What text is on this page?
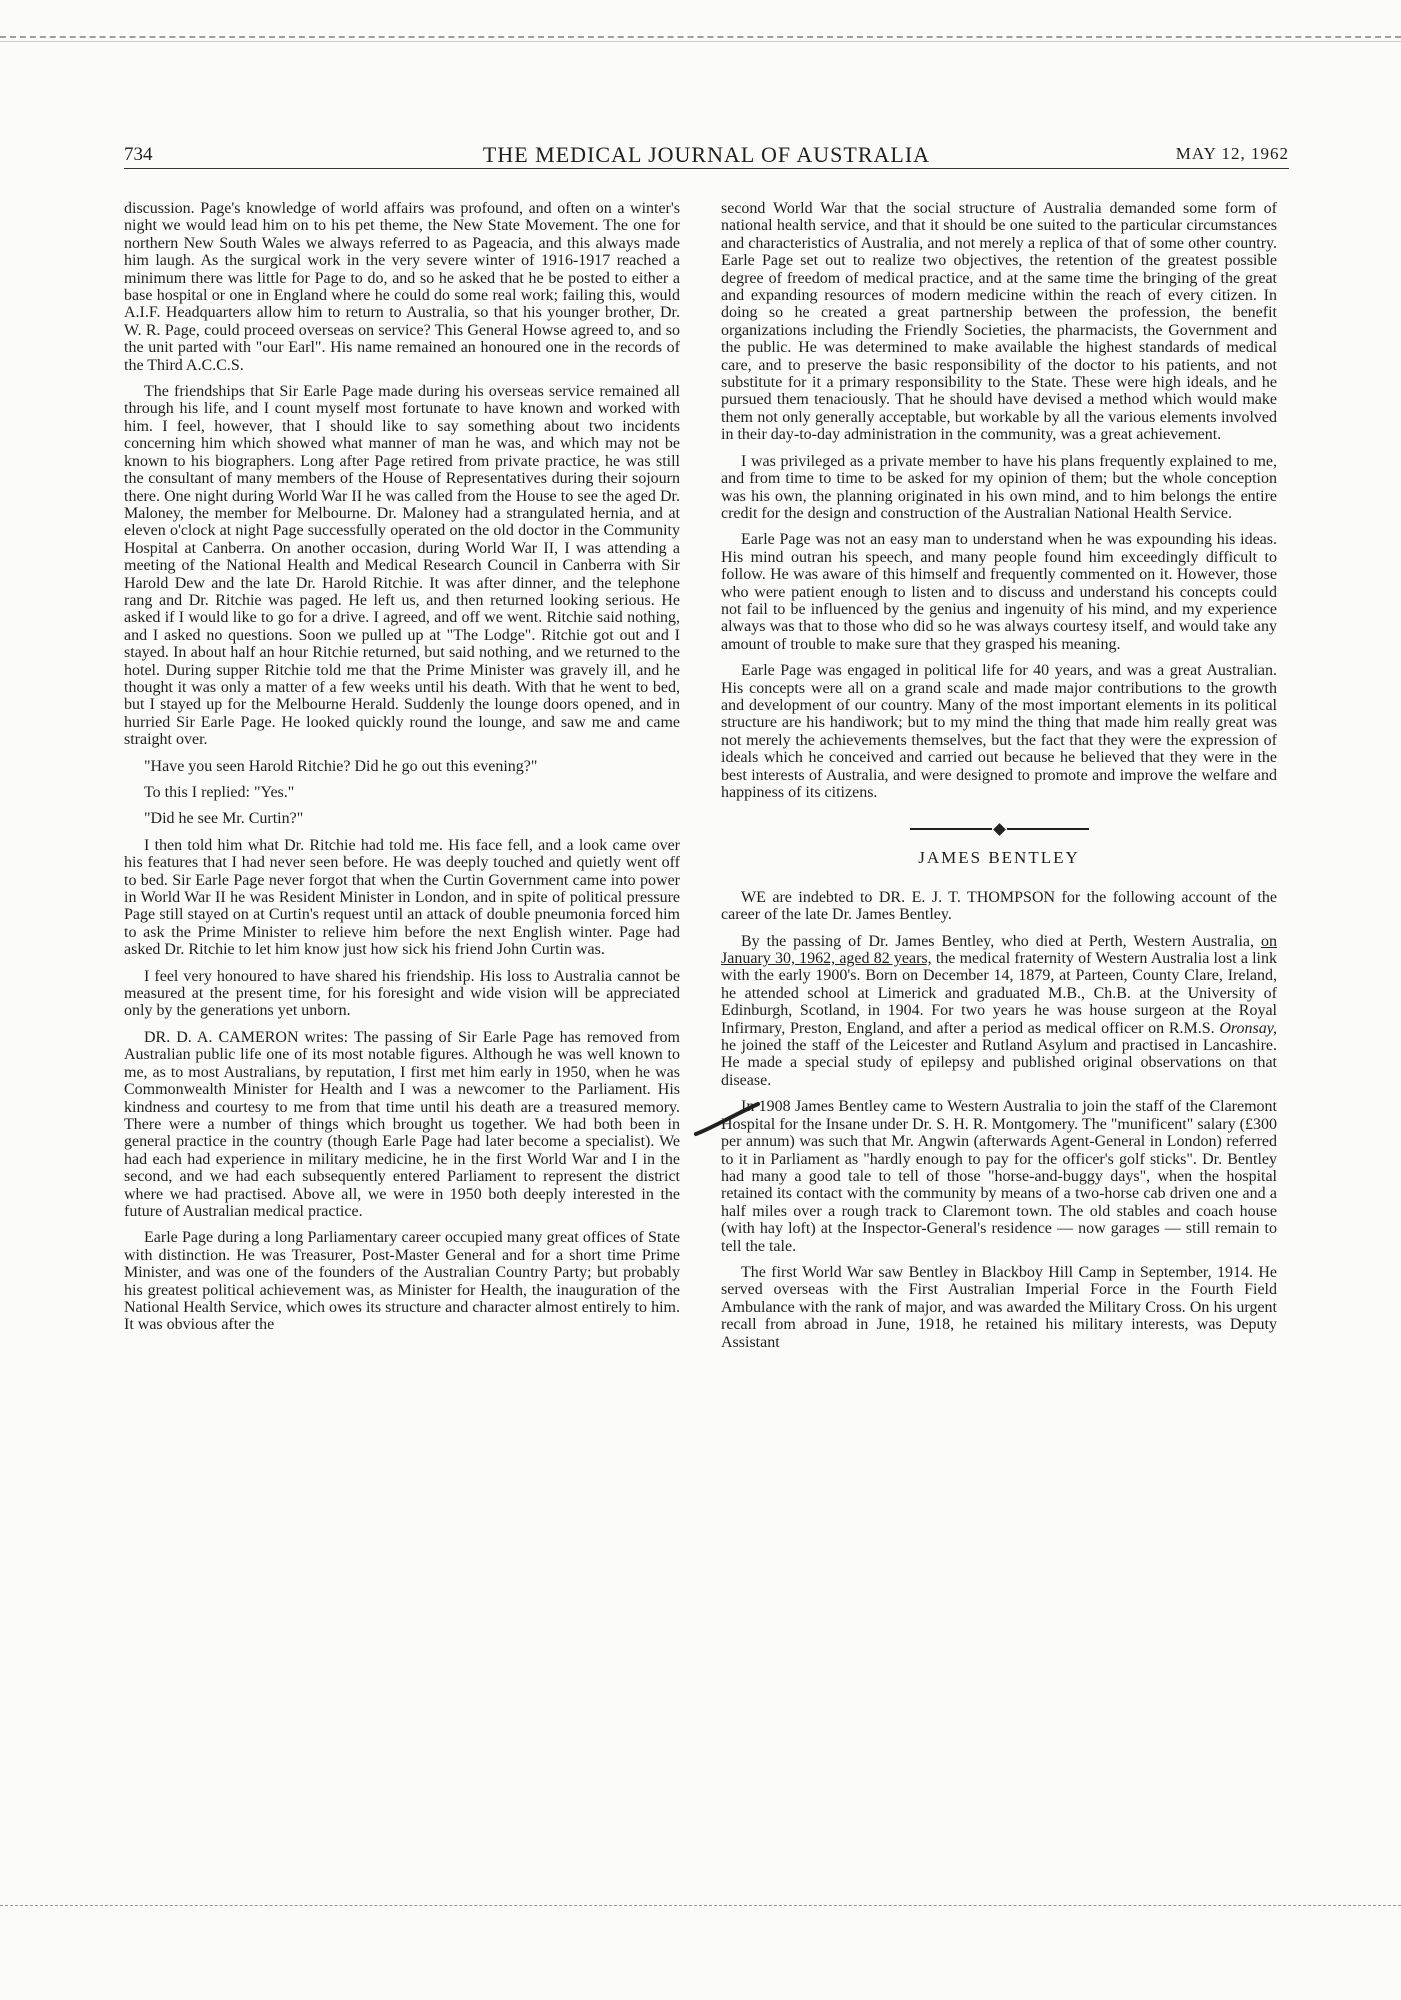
734	THE MEDICAL JOURNAL OF AUSTRALIA	MAY 12, 1962

discussion. Page's knowledge of world affairs was profound, and often on a winter's night we would lead him on to his pet theme, the New State Movement. The one for northern New South Wales we always referred to as Pageacia, and this always made him laugh. As the surgical work in the very severe winter of 1916-1917 reached a minimum there was little for Page to do, and so he asked that he be posted to either a base hospital or one in England where he could do some real work; failing this, would A.I.F. Headquarters allow him to return to Australia, so that his younger brother, Dr. W. R. Page, could proceed overseas on service? This General Howse agreed to, and so the unit parted with "our Earl". His name remained an honoured one in the records of the Third A.C.C.S.

The friendships that Sir Earle Page made during his overseas service remained all through his life, and I count myself most fortunate to have known and worked with him. I feel, however, that I should like to say something about two incidents concerning him which showed what manner of man he was, and which may not be known to his biographers. Long after Page retired from private practice, he was still the consultant of many members of the House of Representatives during their sojourn there. One night during World War II he was called from the House to see the aged Dr. Maloney, the member for Melbourne. Dr. Maloney had a strangulated hernia, and at eleven o'clock at night Page successfully operated on the old doctor in the Community Hospital at Canberra. On another occasion, during World War II, I was attending a meeting of the National Health and Medical Research Council in Canberra with Sir Harold Dew and the late Dr. Harold Ritchie. It was after dinner, and the telephone rang and Dr. Ritchie was paged. He left us, and then returned looking serious. He asked if I would like to go for a drive. I agreed, and off we went. Ritchie said nothing, and I asked no questions. Soon we pulled up at "The Lodge". Ritchie got out and I stayed. In about half an hour Ritchie returned, but said nothing, and we returned to the hotel. During supper Ritchie told me that the Prime Minister was gravely ill, and he thought it was only a matter of a few weeks until his death. With that he went to bed, but I stayed up for the Melbourne Herald. Suddenly the lounge doors opened, and in hurried Sir Earle Page. He looked quickly round the lounge, and saw me and came straight over.

"Have you seen Harold Ritchie? Did he go out this evening?"

To this I replied: "Yes."

"Did he see Mr. Curtin?"

I then told him what Dr. Ritchie had told me. His face fell, and a look came over his features that I had never seen before. He was deeply touched and quietly went off to bed. Sir Earle Page never forgot that when the Curtin Government came into power in World War II he was Resident Minister in London, and in spite of political pressure Page still stayed on at Curtin's request until an attack of double pneumonia forced him to ask the Prime Minister to relieve him before the next English winter. Page had asked Dr. Ritchie to let him know just how sick his friend John Curtin was.

I feel very honoured to have shared his friendship. His loss to Australia cannot be measured at the present time, for his foresight and wide vision will be appreciated only by the generations yet unborn.

DR. D. A. CAMERON writes: The passing of Sir Earle Page has removed from Australian public life one of its most notable figures. Although he was well known to me, as to most Australians, by reputation, I first met him early in 1950, when he was Commonwealth Minister for Health and I was a newcomer to the Parliament. His kindness and courtesy to me from that time until his death are a treasured memory. There were a number of things which brought us together. We had both been in general practice in the country (though Earle Page had later become a specialist). We had each had experience in military medicine, he in the first World War and I in the second, and we had each subsequently entered Parliament to represent the district where we had practised. Above all, we were in 1950 both deeply interested in the future of Australian medical practice.

Earle Page during a long Parliamentary career occupied many great offices of State with distinction. He was Treasurer, Post-Master General and for a short time Prime Minister, and was one of the founders of the Australian Country Party; but probably his greatest political achievement was, as Minister for Health, the inauguration of the National Health Service, which owes its structure and character almost entirely to him. It was obvious after the

second World War that the social structure of Australia demanded some form of national health service, and that it should be one suited to the particular circumstances and characteristics of Australia, and not merely a replica of that of some other country. Earle Page set out to realize two objectives, the retention of the greatest possible degree of freedom of medical practice, and at the same time the bringing of the great and expanding resources of modern medicine within the reach of every citizen. In doing so he created a great partnership between the profession, the benefit organizations including the Friendly Societies, the pharmacists, the Government and the public. He was determined to make available the highest standards of medical care, and to preserve the basic responsibility of the doctor to his patients, and not substitute for it a primary responsibility to the State. These were high ideals, and he pursued them tenaciously. That he should have devised a method which would make them not only generally acceptable, but workable by all the various elements involved in their day-to-day administration in the community, was a great achievement.

I was privileged as a private member to have his plans frequently explained to me, and from time to time to be asked for my opinion of them; but the whole conception was his own, the planning originated in his own mind, and to him belongs the entire credit for the design and construction of the Australian National Health Service.

Earle Page was not an easy man to understand when he was expounding his ideas. His mind outran his speech, and many people found him exceedingly difficult to follow. He was aware of this himself and frequently commented on it. However, those who were patient enough to listen and to discuss and understand his concepts could not fail to be influenced by the genius and ingenuity of his mind, and my experience always was that to those who did so he was always courtesy itself, and would take any amount of trouble to make sure that they grasped his meaning.

Earle Page was engaged in political life for 40 years, and was a great Australian. His concepts were all on a grand scale and made major contributions to the growth and development of our country. Many of the most important elements in its political structure are his handiwork; but to my mind the thing that made him really great was not merely the achievements themselves, but the fact that they were the expression of ideals which he conceived and carried out because he believed that they were in the best interests of Australia, and were designed to promote and improve the welfare and happiness of its citizens.

JAMES BENTLEY

WE are indebted to DR. E. J. T. THOMPSON for the following account of the career of the late Dr. James Bentley.

By the passing of Dr. James Bentley, who died at Perth, Western Australia, on January 30, 1962, aged 82 years, the medical fraternity of Western Australia lost a link with the early 1900's. Born on December 14, 1879, at Parteen, County Clare, Ireland, he attended school at Limerick and graduated M.B., Ch.B. at the University of Edinburgh, Scotland, in 1904. For two years he was house surgeon at the Royal Infirmary, Preston, England, and after a period as medical officer on R.M.S. Oronsay, he joined the staff of the Leicester and Rutland Asylum and practised in Lancashire. He made a special study of epilepsy and published original observations on that disease.

In 1908 James Bentley came to Western Australia to join the staff of the Claremont Hospital for the Insane under Dr. S. H. R. Montgomery. The "munificent" salary (£300 per annum) was such that Mr. Angwin (afterwards Agent-General in London) referred to it in Parliament as "hardly enough to pay for the officer's golf sticks". Dr. Bentley had many a good tale to tell of those "horse-and-buggy days", when the hospital retained its contact with the community by means of a two-horse cab driven one and a half miles over a rough track to Claremont town. The old stables and coach house (with hay loft) at the Inspector-General's residence — now garages — still remain to tell the tale.

The first World War saw Bentley in Blackboy Hill Camp in September, 1914. He served overseas with the First Australian Imperial Force in the Fourth Field Ambulance with the rank of major, and was awarded the Military Cross. On his urgent recall from abroad in June, 1918, he retained his military interests, was Deputy Assistant
